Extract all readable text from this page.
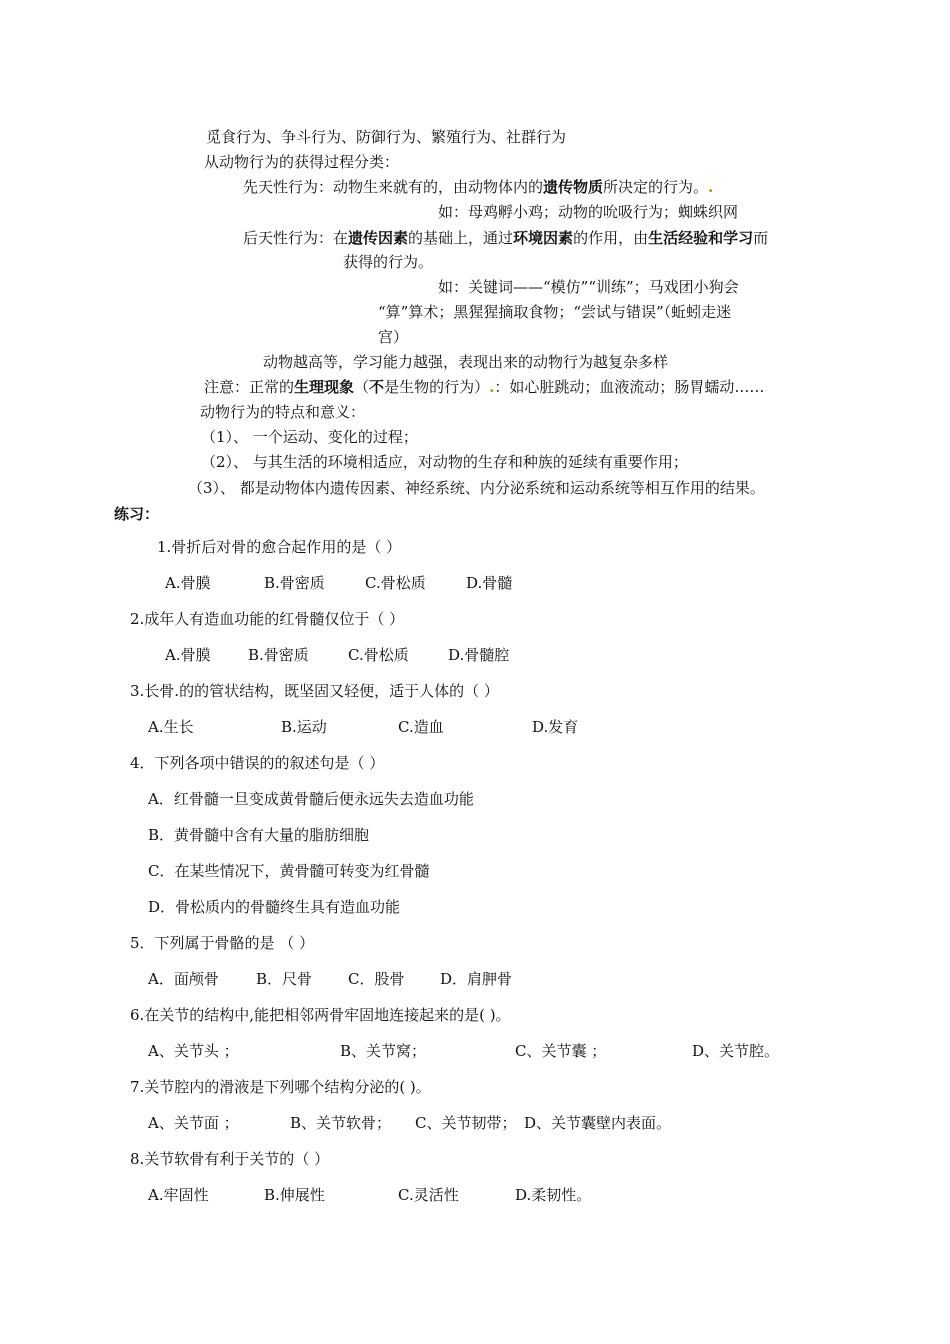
觅食行为、争斗行为、防御行为、繁殖行为、社群行为
从动物行为的获得过程分类：
先天性行为：动物生来就有的，由动物体内的遗传物质所决定的行为。.
如：母鸡孵小鸡；动物的吮吸行为；蜘蛛织网
后天性行为：在遗传因素的基础上，通过环境因素的作用，由生活经验和学习而
获得的行为。
如：关键词——“模仿”“训练”；马戏团小狗会
“算”算术；黑猩猩摘取食物；“尝试与错误”（蚯蚓走迷
宫）
动物越高等，学习能力越强，表现出来的动物行为越复杂多样
注意：正常的生理现象（不是生物的行为）.：如心脏跳动；血液流动；肠胃蠕动……
动物行为的特点和意义：
（1）、 一个运动、变化的过程；
（2）、 与其生活的环境相适应，对动物的生存和种族的延续有重要作用；
（3）、 都是动物体内遗传因素、神经系统、内分泌系统和运动系统等相互作用的结果。
练习：
1.骨折后对骨的愈合起作用的是（ ）
A.骨膜	B.骨密质	C.骨松质	D.骨髓
2.成年人有造血功能的红骨髓仅位于（ ）
A.骨膜 B.骨密质	C.骨松质	D.骨髓腔
3.长骨.的的管状结构，既坚固又轻便，适于人体的（ ）
A.生长	B.运动	C.造血	D.发育
4．下列各项中错误的的叙述句是（ ）
A．红骨髓一旦变成黄骨髓后便永远失去造血功能
B．黄骨髓中含有大量的脂肪细胞
C．在某些情况下，黄骨髓可转变为红骨髓
D．骨松质内的骨髓终生具有造血功能
5．下列属于骨骼的是 （ ）
A．面颅骨 B．尺骨 C．股骨 D．肩胛骨
6.在关节的结构中,能把相邻两骨牢固地连接起来的是( )。
A、关节头 ；	B、关节窝；	C、关节囊 ；	D、关节腔。
7.关节腔内的滑液是下列哪个结构分泌的( )。
A、关节面 ；	B、关节软骨； C、关节韧带； D、关节囊壁内表面。
8.关节软骨有利于关节的（ ）
A.牢固性	B.伸展性	C.灵活性	D.柔韧性。
